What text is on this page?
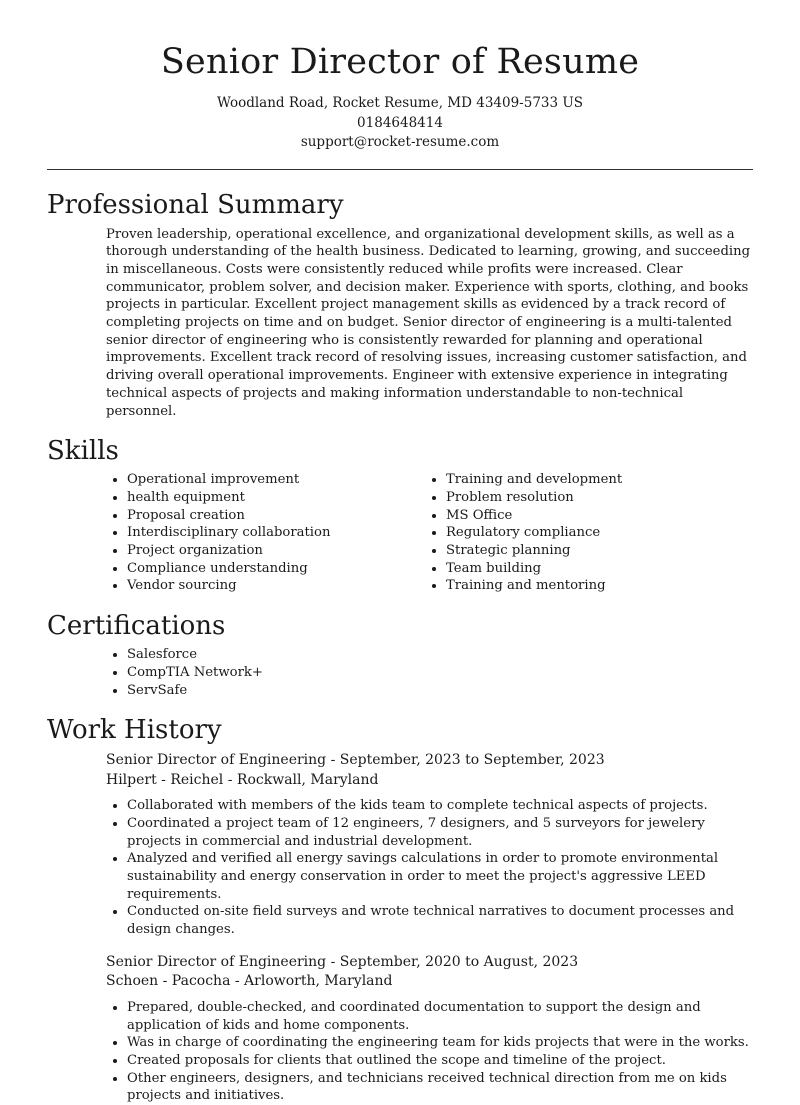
Senior Director of Resume
Woodland Road, Rocket Resume, MD 43409-5733 US
0184648414
support@rocket-resume.com
Professional Summary

Proven leadership, operational excellence, and organizational development skills, as well as a thorough understanding of the health business. Dedicated to learning, growing, and succeeding in miscellaneous. Costs were consistently reduced while profits were increased. Clear communicator, problem solver, and decision maker. Experience with sports, clothing, and books projects in particular. Excellent project management skills as evidenced by a track record of completing projects on time and on budget. Senior director of engineering is a multi-talented senior director of engineering who is consistently rewarded for planning and operational improvements. Excellent track record of resolving issues, increasing customer satisfaction, and driving overall operational improvements. Engineer with extensive experience in integrating technical aspects of projects and making information understandable to non-technical personnel.

Skills
• Operational improvement
• health equipment
• Proposal creation
• Interdisciplinary collaboration
• Project organization
• Compliance understanding
• Vendor sourcing
• Training and development
• Problem resolution
• MS Office
• Regulatory compliance
• Strategic planning
• Team building
• Training and mentoring
Certifications
• Salesforce
• CompTIA Network+
• ServSafe
Work History
Senior Director of Engineering - September, 2023 to September, 2023
Hilpert - Reichel - Rockwall, Maryland
• Collaborated with members of the kids team to complete technical aspects of projects.
• Coordinated a project team of 12 engineers, 7 designers, and 5 surveyors for jewelery projects in commercial and industrial development.
• Analyzed and verified all energy savings calculations in order to promote environmental sustainability and energy conservation in order to meet the project's aggressive LEED requirements.
• Conducted on-site field surveys and wrote technical narratives to document processes and design changes.
Senior Director of Engineering - September, 2020 to August, 2023
Schoen - Pacocha - Arloworth, Maryland
• Prepared, double-checked, and coordinated documentation to support the design and application of kids and home components.
• Was in charge of coordinating the engineering team for kids projects that were in the works.
• Created proposals for clients that outlined the scope and timeline of the project.
• Other engineers, designers, and technicians received technical direction from me on kids projects and initiatives.
